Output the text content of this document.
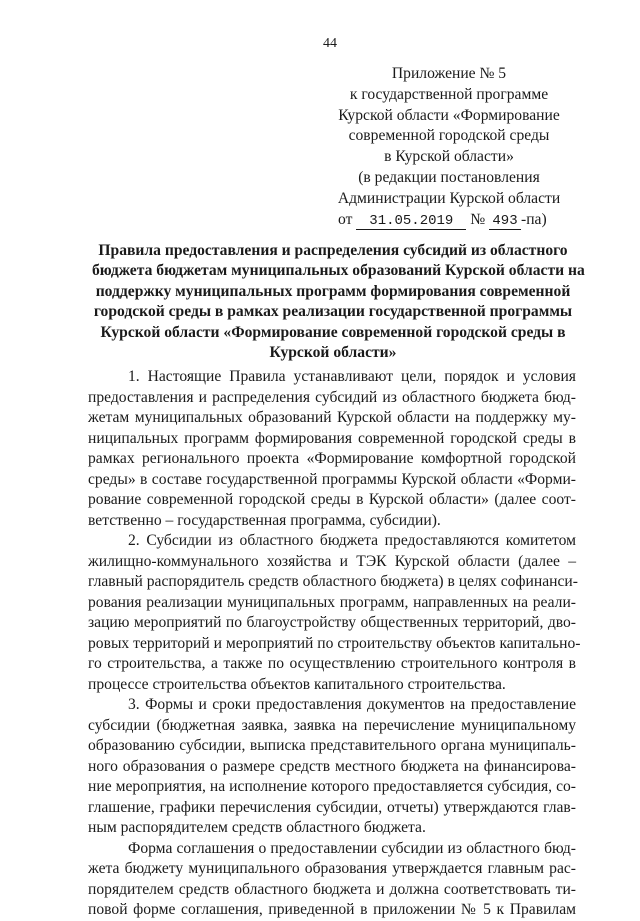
44
Приложение № 5
к государственной программе
Курской области «Формирование
современной городской среды
в Курской области»
(в редакции постановления
Администрации Курской области
от 31.05.2019 № 493 -па)
Правила предоставления и распределения субсидий из областного
бюджета бюджетам муниципальных образований Курской области на
поддержку муниципальных программ формирования современной
городской среды в рамках реализации государственной программы
Курской области «Формирование современной городской среды в
Курской области»
1. Настоящие Правила устанавливают цели, порядок и условия
предоставления и распределения субсидий из областного бюджета бюд-
жетам муниципальных образований Курской области на поддержку му-
ниципальных программ формирования современной городской среды в
рамках регионального проекта «Формирование комфортной городской
среды» в составе государственной программы Курской области «Форми-
рование современной городской среды в Курской области» (далее соот-
ветственно – государственная программа, субсидии).
2. Субсидии из областного бюджета предоставляются комитетом
жилищно-коммунального хозяйства и ТЭК Курской области (далее –
главный распорядитель средств областного бюджета) в целях софинанси-
рования реализации муниципальных программ, направленных на реали-
зацию мероприятий по благоустройству общественных территорий, дво-
ровых территорий и мероприятий по строительству объектов капитально-
го строительства, а также по осуществлению строительного контроля в
процессе строительства объектов капитального строительства.
3. Формы и сроки предоставления документов на предоставление
субсидии (бюджетная заявка, заявка на перечисление муниципальному
образованию субсидии, выписка представительного органа муниципаль-
ного образования о размере средств местного бюджета на финансирова-
ние мероприятия, на исполнение которого предоставляется субсидия, со-
глашение, графики перечисления субсидии, отчеты) утверждаются глав-
ным распорядителем средств областного бюджета.
Форма соглашения о предоставлении субсидии из областного бюд-
жета бюджету муниципального образования утверждается главным рас-
порядителем средств областного бюджета и должна соответствовать ти-
повой форме соглашения, приведенной в приложении № 5 к Правилам
